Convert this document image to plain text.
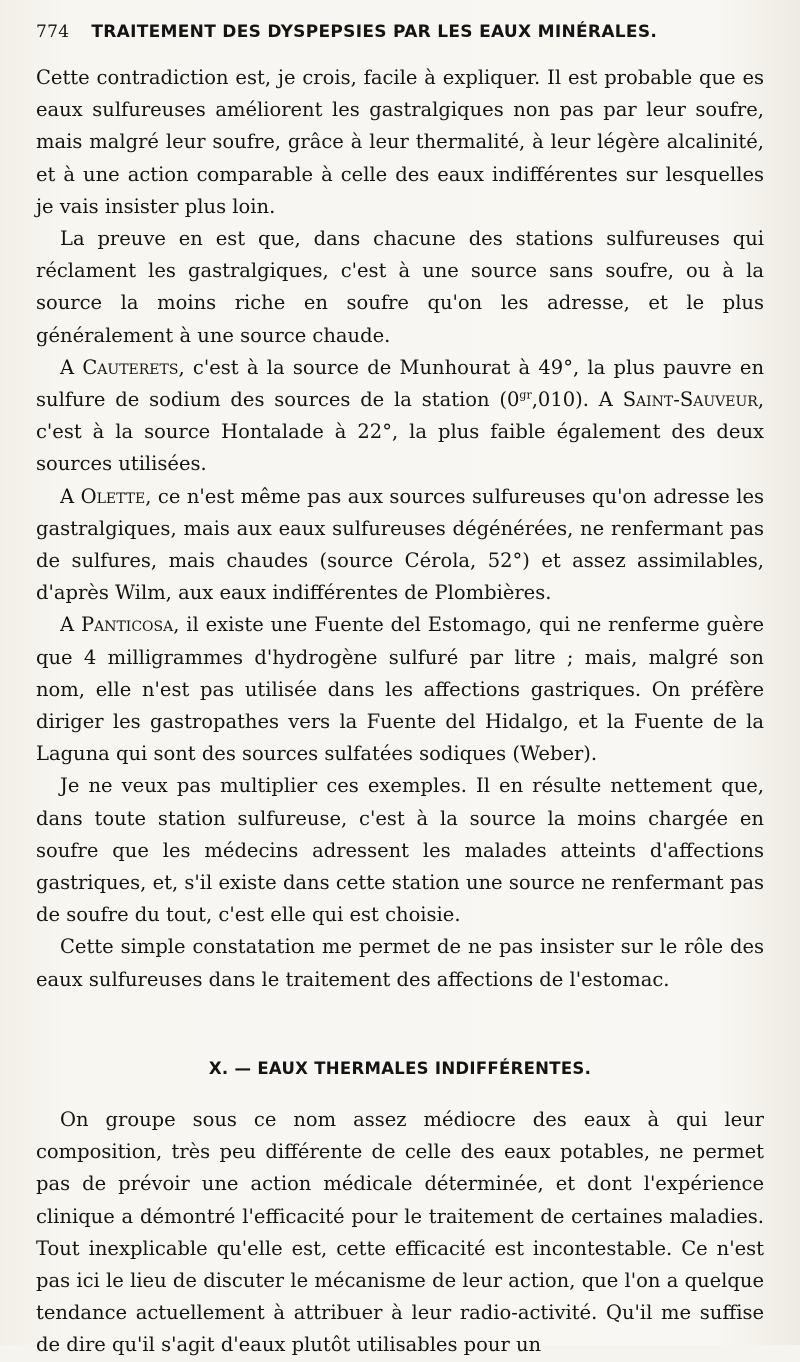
774 TRAITEMENT DES DYSPEPSIES PAR LES EAUX MINÉRALES.

Cette contradiction est, je crois, facile à expliquer. Il est probable que es eaux sulfureuses améliorent les gastralgiques non pas par leur soufre, mais malgré leur soufre, grâce à leur thermalité, à leur légère alcalinité, et à une action comparable à celle des eaux indifférentes sur lesquelles je vais insister plus loin.

La preuve en est que, dans chacune des stations sulfureuses qui réclament les gastralgiques, c'est à une source sans soufre, ou à la source la moins riche en soufre qu'on les adresse, et le plus généralement à une source chaude.

A Cauterets, c'est à la source de Munhourat à 49°, la plus pauvre en sulfure de sodium des sources de la station $(0^{gr},010)$. A Saint-Sauveur, c'est à la source Hontalade à 22°, la plus faible également des deux sources utilisées.

A Olette, ce n'est même pas aux sources sulfureuses qu'on adresse les gastralgiques, mais aux eaux sulfureuses dégénérées, ne renfermant pas de sulfures, mais chaudes (source Cérola, 52°) et assez assimilables, d'après Wilm, aux eaux indifférentes de Plombières.

A Panticosa, il existe une Fuente del Estomago, qui ne renferme guère que 4 milligrammes d'hydrogène sulfuré par litre ; mais, malgré son nom, elle n'est pas utilisée dans les affections gastriques. On préfère diriger les gastropathes vers la Fuente del Hidalgo, et la Fuente de la Laguna qui sont des sources sulfatées sodiques (Weber).

Je ne veux pas multiplier ces exemples. Il en résulte nettement que, dans toute station sulfureuse, c'est à la source la moins chargée en soufre que les médecins adressent les malades atteints d'affections gastriques, et, s'il existe dans cette station une source ne renfermant pas de soufre du tout, c'est elle qui est choisie.

Cette simple constatation me permet de ne pas insister sur le rôle des eaux sulfureuses dans le traitement des affections de l'estomac.

X. — EAUX THERMALES INDIFFÉRENTES.

On groupe sous ce nom assez médiocre des eaux à qui leur composition, très peu différente de celle des eaux potables, ne permet pas de prévoir une action médicale déterminée, et dont l'expérience clinique a démontré l'efficacité pour le traitement de certaines maladies. Tout inexplicable qu'elle est, cette efficacité est incontestable. Ce n'est pas ici le lieu de discuter le mécanisme de leur action, que l'on a quelque tendance actuellement à attribuer à leur radio-activité. Qu'il me suffise de dire qu'il s'agit d'eaux plutôt utilisables pour un
